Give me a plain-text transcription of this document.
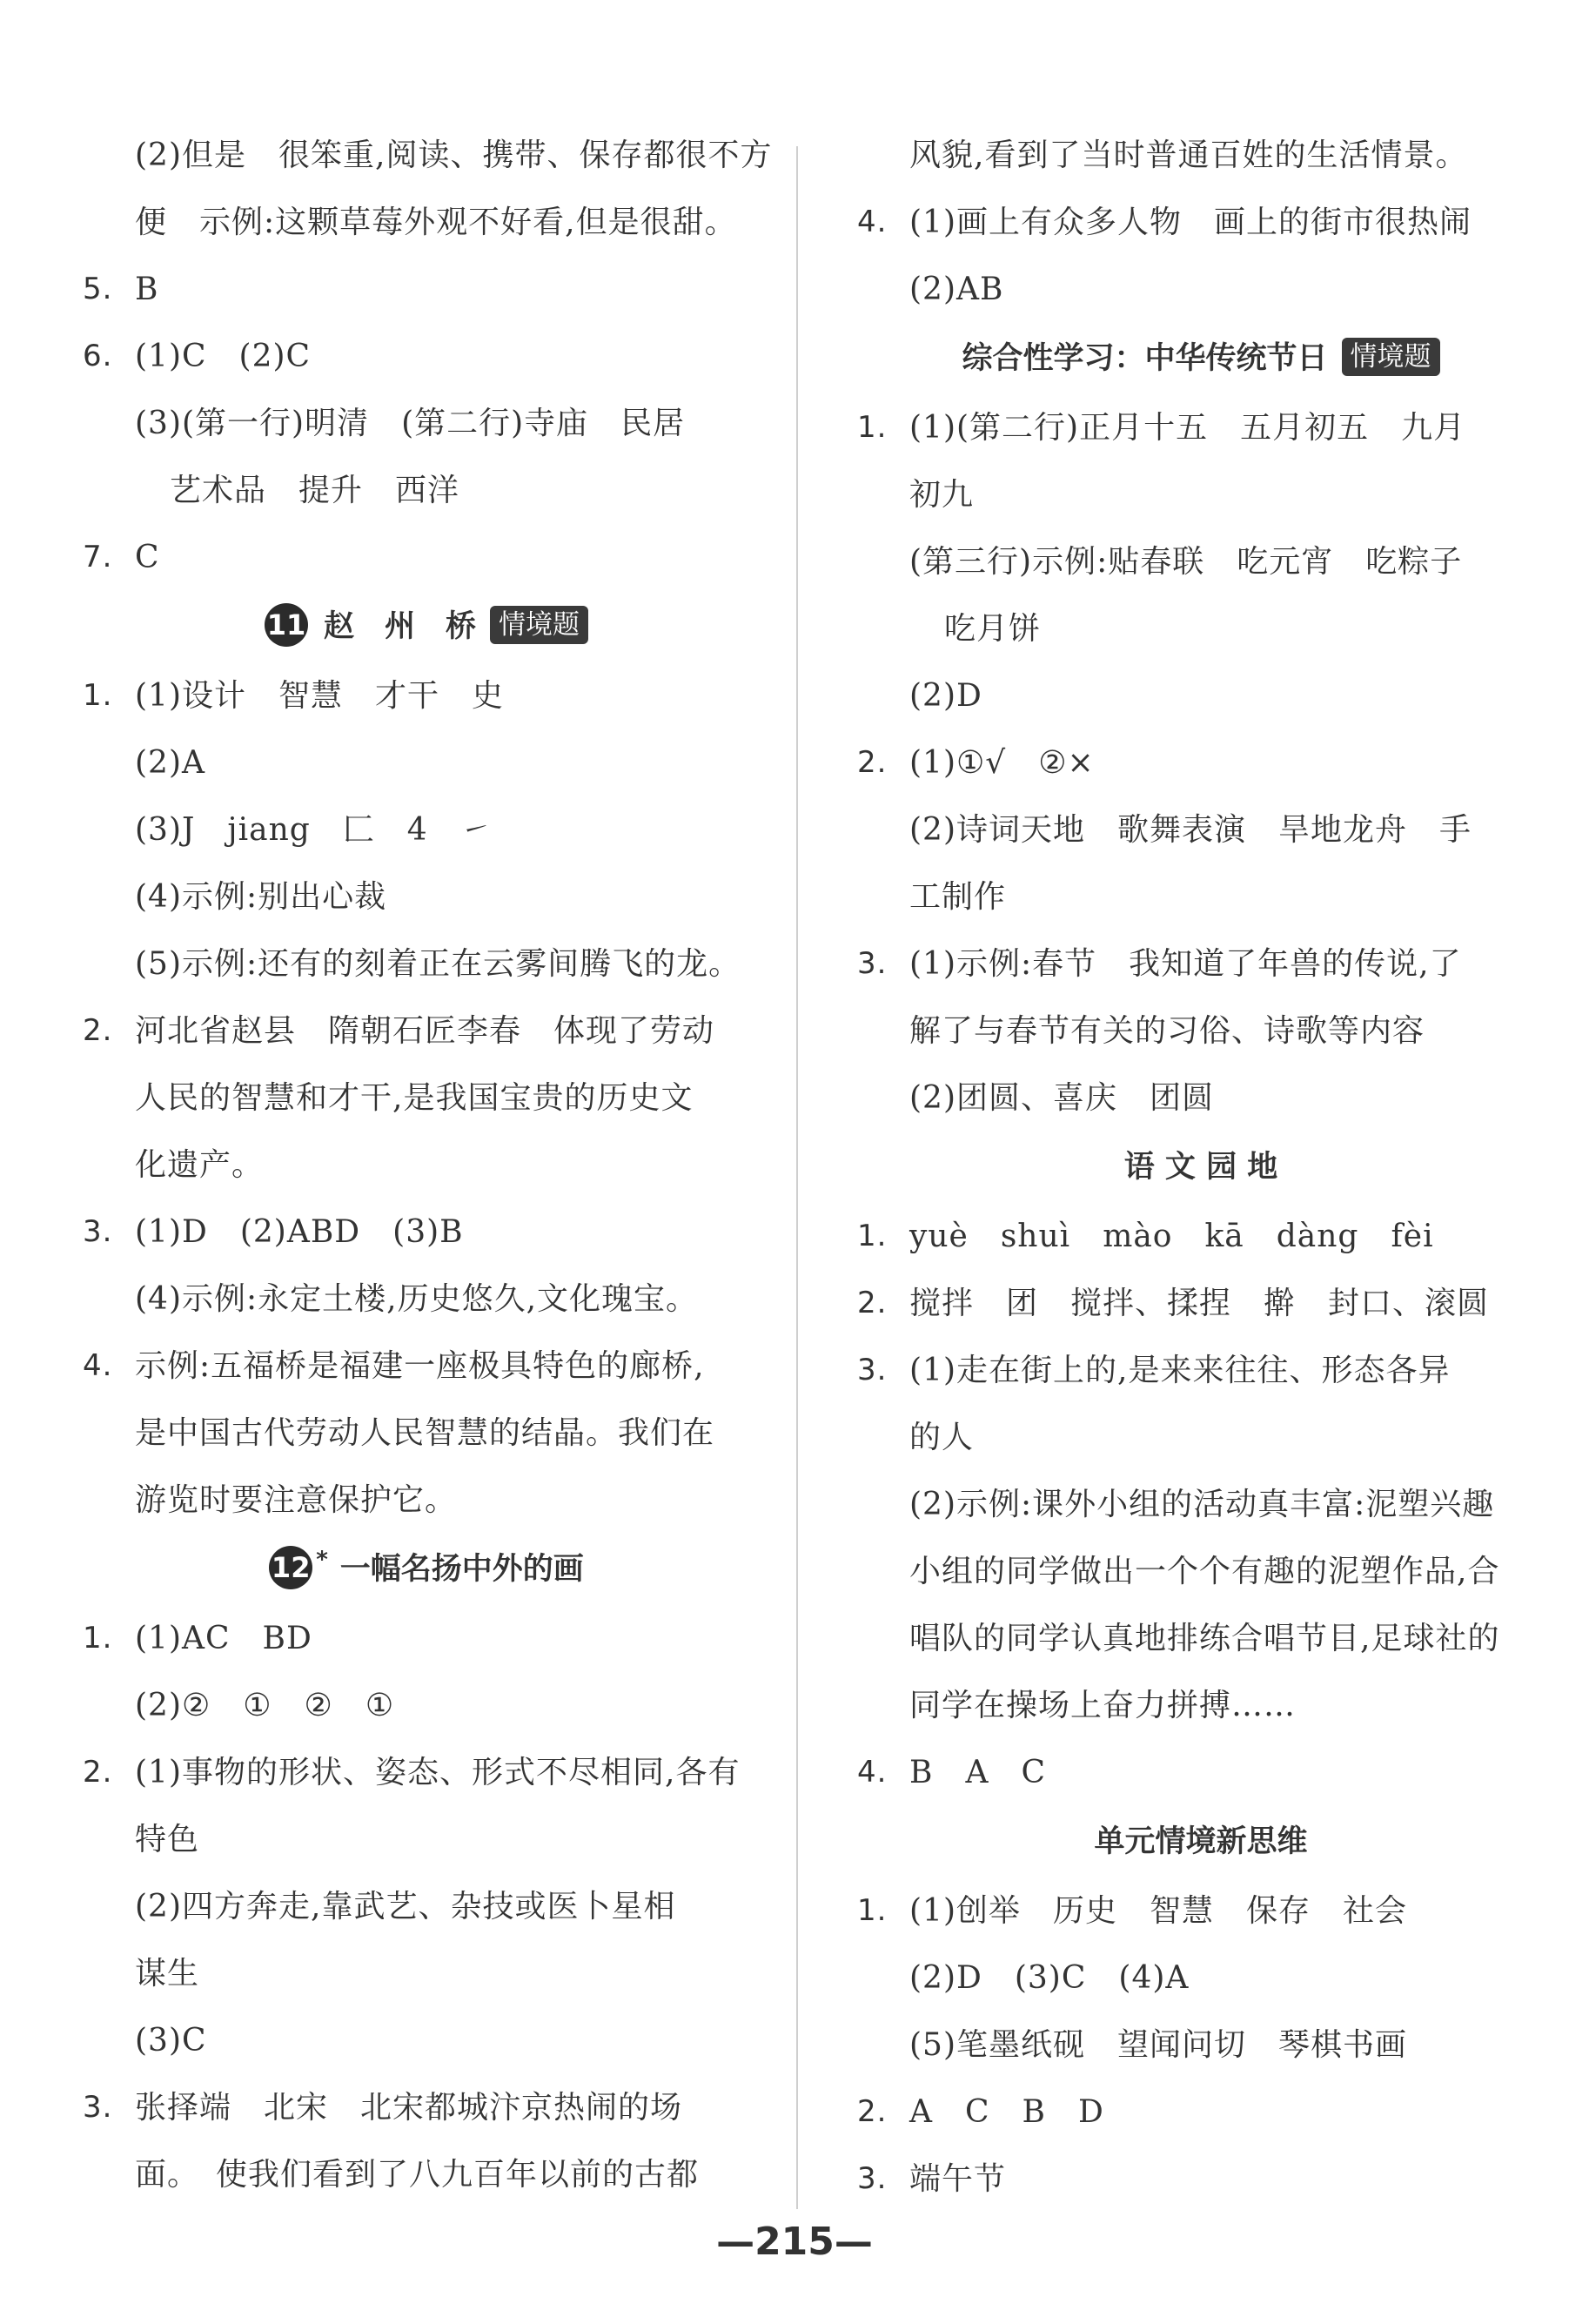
(2)但是　很笨重,阅读、携带、保存都很不方
便　示例:这颗草莓外观不好看,但是很甜。
5. B
6. (1)C　(2)C
(3)(第一行)明清　(第二行)寺庙　民居
艺术品　提升　西洋
7. C
11 赵　州　桥 情境题
1. (1)设计　智慧　才干　史
(2)A
(3)J　jiang　匚　4　㇀
(4)示例:别出心裁
(5)示例:还有的刻着正在云雾间腾飞的龙。
2. 河北省赵县　隋朝石匠李春　体现了劳动
人民的智慧和才干,是我国宝贵的历史文
化遗产。
3. (1)D　(2)ABD　(3)B
(4)示例:永定土楼,历史悠久,文化瑰宝。
4. 示例:五福桥是福建一座极具特色的廊桥,
是中国古代劳动人民智慧的结晶。我们在
游览时要注意保护它。
12 * 一幅名扬中外的画
1. (1)AC　BD
(2)②　①　②　①
2. (1)事物的形状、姿态、形式不尽相同,各有
特色
(2)四方奔走,靠武艺、杂技或医卜星相
谋生
(3)C
3. 张择端　北宋　北宋都城汴京热闹的场
面。　使我们看到了八九百年以前的古都
风貌,看到了当时普通百姓的生活情景。
4. (1)画上有众多人物　画上的街市很热闹
(2)AB
综合性学习：中华传统节日 情境题
1. (1)(第二行)正月十五　五月初五　九月
初九
(第三行)示例:贴春联　吃元宵　吃粽子
吃月饼
(2)D
2. (1)①√　②×
(2)诗词天地　歌舞表演　旱地龙舟　手
工制作
3. (1)示例:春节　我知道了年兽的传说,了
解了与春节有关的习俗、诗歌等内容
(2)团圆、喜庆　团圆
语 文 园 地
1. yuè　shuì　mào　kā　dàng　fèi
2. 搅拌　团　搅拌、揉捏　擀　封口、滚圆
3. (1)走在街上的,是来来往往、形态各异
的人
(2)示例:课外小组的活动真丰富:泥塑兴趣
小组的同学做出一个个有趣的泥塑作品,合
唱队的同学认真地排练合唱节目,足球社的
同学在操场上奋力拼搏……
4. B　A　C
单元情境新思维
1. (1)创举　历史　智慧　保存　社会
(2)D　(3)C　(4)A
(5)笔墨纸砚　望闻问切　琴棋书画
2. A　C　B　D
3. 端午节
—215—
